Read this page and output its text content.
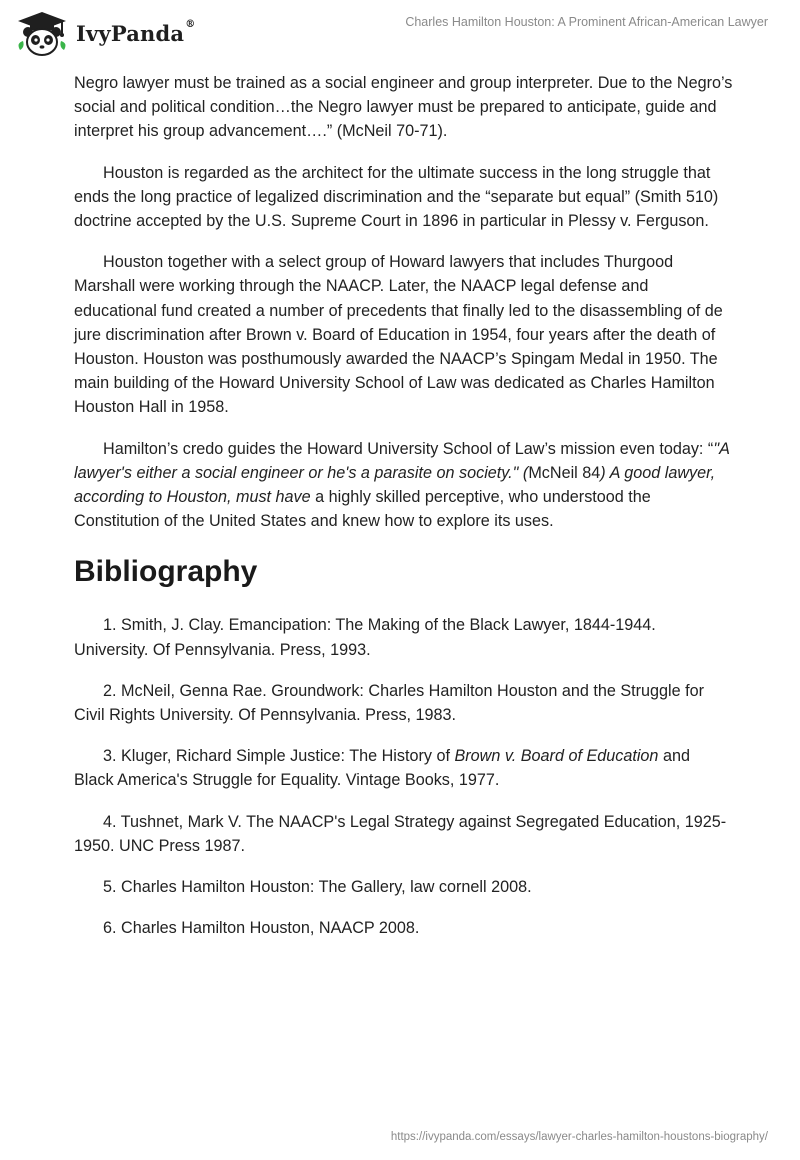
IvyPanda®	Charles Hamilton Houston: A Prominent African-American Lawyer

Negro lawyer must be trained as a social engineer and group interpreter. Due to the Negro’s social and political condition…the Negro lawyer must be prepared to anticipate, guide and interpret his group advancement….” (McNeil 70-71).

Houston is regarded as the architect for the ultimate success in the long struggle that ends the long practice of legalized discrimination and the “separate but equal” (Smith 510) doctrine accepted by the U.S. Supreme Court in 1896 in particular in Plessy v. Ferguson.

Houston together with a select group of Howard lawyers that includes Thurgood Marshall were working through the NAACP. Later, the NAACP legal defense and educational fund created a number of precedents that finally led to the disassembling of de jure discrimination after Brown v. Board of Education in 1954, four years after the death of Houston. Houston was posthumously awarded the NAACP’s Spingam Medal in 1950. The main building of the Howard University School of Law was dedicated as Charles Hamilton Houston Hall in 1958.

Hamilton’s credo guides the Howard University School of Law’s mission even today: “"A lawyer's either a social engineer or he's a parasite on society." (McNeil 84) A good lawyer, according to Houston, must have a highly skilled perceptive, who understood the Constitution of the United States and knew how to explore its uses.

Bibliography

1. Smith, J. Clay. Emancipation: The Making of the Black Lawyer, 1844-1944. University. Of Pennsylvania. Press, 1993.

2. McNeil, Genna Rae. Groundwork: Charles Hamilton Houston and the Struggle for Civil Rights University. Of Pennsylvania. Press, 1983.

3. Kluger, Richard Simple Justice: The History of Brown v. Board of Education and Black America's Struggle for Equality. Vintage Books, 1977.

4. Tushnet, Mark V. The NAACP's Legal Strategy against Segregated Education, 1925-1950. UNC Press 1987.

5. Charles Hamilton Houston: The Gallery, law cornell 2008.

6. Charles Hamilton Houston, NAACP 2008.

https://ivypanda.com/essays/lawyer-charles-hamilton-houstons-biography/
